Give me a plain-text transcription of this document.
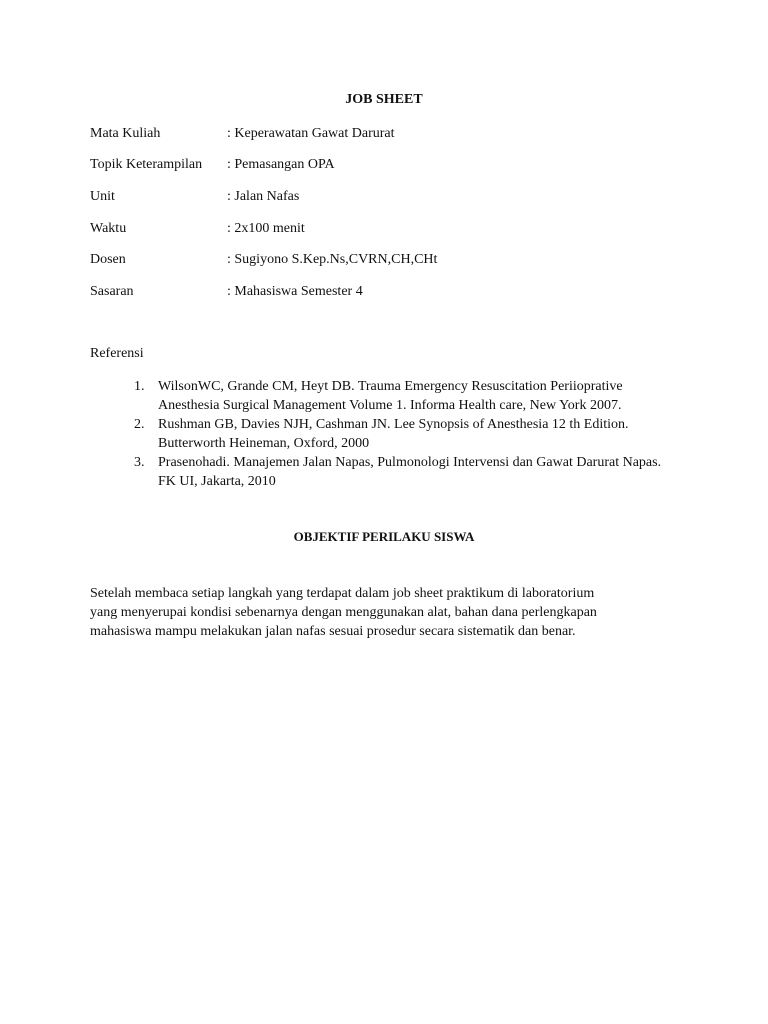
JOB SHEET
Mata Kuliah	: Keperawatan Gawat Darurat
Topik Keterampilan : Pemasangan OPA
Unit	: Jalan Nafas
Waktu	: 2x100 menit
Dosen	: Sugiyono S.Kep.Ns,CVRN,CH,CHt
Sasaran	: Mahasiswa Semester 4
Referensi
1. WilsonWC, Grande CM, Heyt DB. Trauma Emergency Resuscitation Periioprative
Anesthesia Surgical Management Volume 1. Informa Health care, New York 2007.
2. Rushman GB, Davies NJH, Cashman JN. Lee Synopsis of Anesthesia 12 th Edition.
Butterworth Heineman, Oxford, 2000
3. Prasenohadi. Manajemen Jalan Napas, Pulmonologi Intervensi dan Gawat Darurat Napas.
FK UI, Jakarta, 2010
OBJEKTIF PERILAKU SISWA

Setelah membaca setiap langkah yang terdapat dalam job sheet praktikum di laboratorium
yang menyerupai kondisi sebenarnya dengan menggunakan alat, bahan dana perlengkapan
mahasiswa mampu melakukan jalan nafas sesuai prosedur secara sistematik dan benar.
